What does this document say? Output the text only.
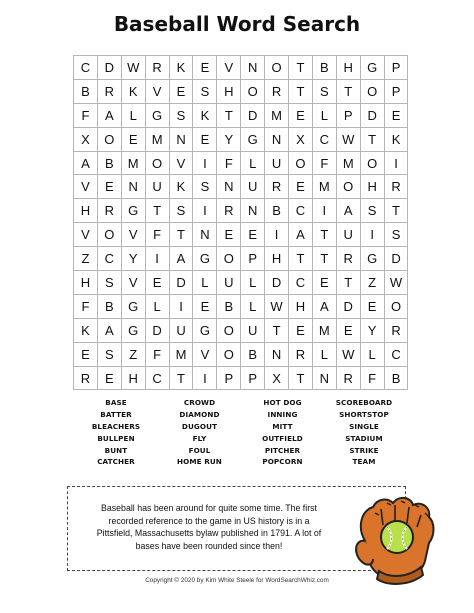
Baseball Word Search
C	D	W	R	K	E	V	N	O	T	B	H	G	P
B	R	K	V	E	S	H	O	R	T	S	T	O	P
F	A	L	G	S	K	T	D	M	E	L	P	D	E
X	O	E	M	N	E	Y	G	N	X	C	W	T	K
A	B	M	O	V	I	F	L	U	O	F	M	O	I
V	E	N	U	K	S	N	U	R	E	M	O	H	R
H	R	G	T	S	I	R	N	B	C	I	A	S	T
V	O	V	F	T	N	E	E	I	A	T	U	I	S
Z	C	Y	I	A	G	O	P	H	T	T	R	G	D
H	S	V	E	D	L	U	L	D	C	E	T	Z	W
F	B	G	L	I	E	B	L	W	H	A	D	E	O
K	A	G	D	U	G	O	U	T	E	M	E	Y	R
E	S	Z	F	M	V	O	B	N	R	L	W	L	C
R	E	H	C	T	I	P	P	X	T	N	R	F	B
BASE	CROWD	HOT DOG	SCOREBOARD
BATTER	DIAMOND	INNING	SHORTSTOP
BLEACHERS	DUGOUT	MITT	SINGLE
BULLPEN	FLY	OUTFIELD	STADIUM
BUNT	FOUL	PITCHER	STRIKE
CATCHER	HOME RUN	POPCORN	TEAM
Baseball has been around for quite some time. The first
recorded reference to the game in US history is in a
Pittsfield, Massachusetts bylaw published in 1791. A lot of
bases have been rounded since then!
Copyright © 2020 by Kim White Steele for WordSearchWhiz.com
